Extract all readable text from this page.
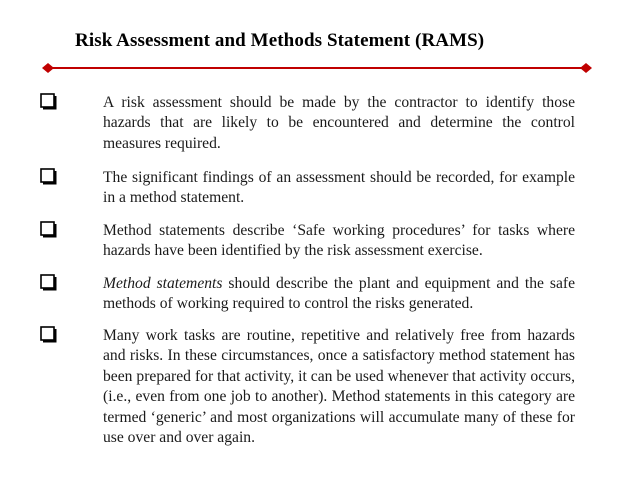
Risk Assessment and Methods Statement (RAMS)
A risk assessment should be made by the contractor to identify those hazards that are likely to be encountered and determine the control measures required.
The significant findings of an assessment should be recorded, for example in a method statement.
Method statements describe ‘Safe working procedures’ for tasks where hazards have been identified by the risk assessment exercise.
Method statements should describe the plant and equipment and the safe methods of working required to control the risks generated.
Many work tasks are routine, repetitive and relatively free from hazards and risks. In these circumstances, once a satisfactory method statement has been prepared for that activity, it can be used whenever that activity occurs, (i.e., even from one job to another). Method statements in this category are termed ‘generic’ and most organizations will accumulate many of these for use over and over again.
